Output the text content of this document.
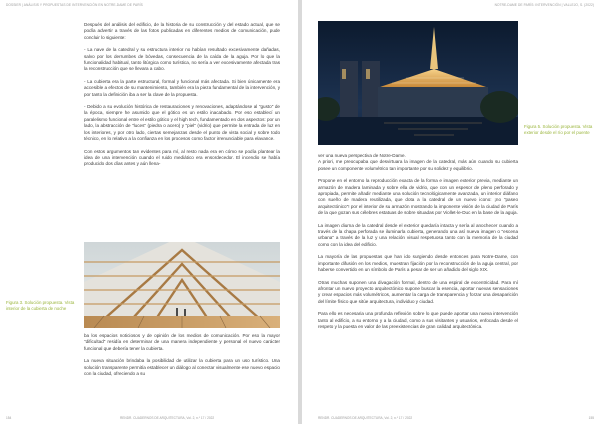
DOSSIER | ANÁLISIS Y PROPUESTAS DE INTERVENCIÓN EN NOTRE-DAME DE PARÍS

Después del análisis del edificio, de la historia de su construcción y del estado actual, que se podía advertir a través de las fotos publicadas en diferentes medios de comunicación, pude concluir lo siguiente:

- La nave de la catedral y su estructura interior no habían resultado excesivamente dañadas, salvo por los derrumbes de bóvedas, consecuencia de la caída de la aguja. Por lo que la funcionalidad habitual, tanto litúrgica como turística, no sería a ver excesivamente afectada tras la reconstrucción que se llevara a cabo.

- La cubierta era la parte estructural, formal y funcional más afectada. Si bien únicamente era accesible a efectos de su mantenimiento, también era la pieza fundamental de la intervención, y por tanto la definición iba a ser la clave de la propuesta.

- Debido a su evolución histórica de restauraciones y renovaciones, adaptándose al "gusto" de la época, siempre he asumido que el gótico es un estilo inacabado. Por eso establecí un paralelismo funcional entre el estilo gótico y el high tech, fundamentado en dos aspectos: por un lado, la abstracción de "luces" (piedra o acero) y "piel" (vidrio) que permite la entrada de luz en los interiores, y por otro lado, ciertas semejanzas desde el punto de vista social y sobre todo técnico, en lo relativo a la confianza en los procesos como factor irrenunciable para elavance.

Con estos argumentos tan evidentes para mí, al resto nada era en cómo se podía plantear la idea de una intervención cuando el ruido mediático era ensordecedor. El incendio se había producido dos días antes y aún llena-

Figura 3. Solución propuesta. Vista
interior de la cubierta de noche

ba los espacios noticiosos y de opinión de los medios de comunicación. Por eso la mayor "dificultad" residía en determinar de una manera independiente y personal el nuevo carácter funcional que debería tener la cubierta.

La nueva situación brindaba la posibilidad de utilizar la cubierta para un uso turístico. Una solución transparente permitía establecer un diálogo al conectar visualmente ese nuevo espacio con la ciudad, ofreciendo a su

154	RENDR. CUADERNOS DE ARQUITECTURA, Vol. 2, n.º 17 / 2022
NOTRE-DAME DE PARÍS: INTERVENCIÓN | VALLEJO, S. (2022)
Figura 5. Solución propuesta. Vista
exterior desde el río por el puente

ver una nueva perspectiva de Notre-Dame.
A priori, me preocupaba que desvirtuara la imagen de la catedral, más aún cuando su cubierta posee un componente volumétrico tan importante por su solidez y equilibrio.

Propone en el entorno la reproducción exacta de la forma e imagen exterior previa, mediante un armazón de madera laminada y sobre ella de vidrio, que con un espesor de pleno perforado y apropiada, permite añadir mediante una solución tecnológicamente avanzada, un interior diáfano con sueño de madera reutilizada, que dota a la catedral de un nuevo icono: ¡no "paseo arquitectónico"! por el interior de su armazón mostrando la imponente visión de la ciudad de París de la que gozan sus célebres estatuas de sobre situadas por Viollet-le-Duc en la base de la aguja.

La imagen diurna de la catedral desde el exterior quedaría intacta y sería al anochecer cuando a través de la chapa perforada se iluminarla cubierta, generando una así nueva imagen o "escena urbana" a través de la luz y una relación visual respetuosa tanto con la memoria de la ciudad como con la idea del edificio.

La mayoría de las propuestas que han ido surgiendo desde entonces para Notre-Dame, con importante difusión en los medios, muestran fijación por la reconstrucción de la aguja central, por haberse convertido en un símbolo de París a pesar de ser un añadido del siglo XIX.

Otras muchas suponen una divagación formal, dentro de una espiral de excentricidad. Para mí afrontar un nuevo proyecto arquitectónico supone buscar la esencia, aportar nuevas sensaciones y crear espacios más volumétricos, aumentar la carga de transparencia y forzar una desaparición del límite físico que sitúe arquitectura, individuo y ciudad.

Para ello es necesaria una profunda reflexión sobre lo que puede aportar una nueva intervención tanto al edificio, a su entorno y a la ciudad, como a sus visitantes y usuarios, enfocada desde el respeto y la puesta en valor de las preexistencias de gran calidad arquitectónica.

RENDR. CUADERNOS DE ARQUITECTURA, Vol. 2, n.º 17 / 2022	155
